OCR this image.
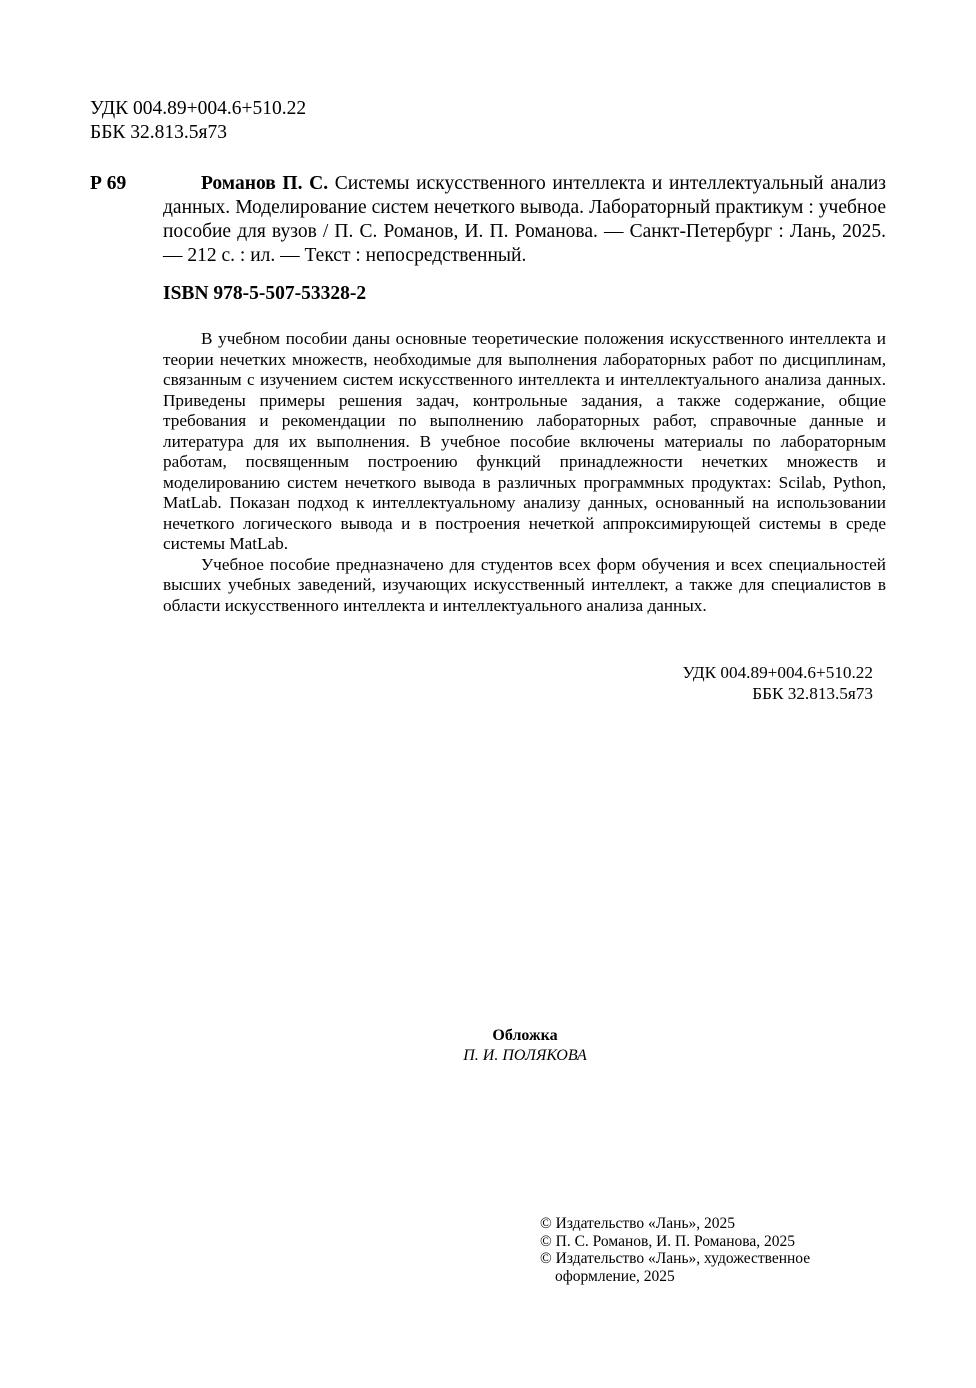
УДК 004.89+004.6+510.22
ББК 32.813.5я73
Р 69	Романов П. С. Системы искусственного интеллекта и интеллектуальный анализ данных. Моделирование систем нечеткого вывода. Лабораторный практикум : учебное пособие для вузов / П. С. Романов, И. П. Романова. — Санкт-Петербург : Лань, 2025. — 212 с. : ил. — Текст : непосредственный.
ISBN 978-5-507-53328-2

В учебном пособии даны основные теоретические положения искусственного интеллекта и теории нечетких множеств, необходимые для выполнения лабораторных работ по дисциплинам, связанным с изучением систем искусственного интеллекта и интеллектуального анализа данных. Приведены примеры решения задач, контрольные задания, а также содержание, общие требования и рекомендации по выполнению лабораторных работ, справочные данные и литература для их выполнения. В учебное пособие включены материалы по лабораторным работам, посвященным построению функций принадлежности нечетких множеств и моделированию систем нечеткого вывода в различных программных продуктах: Scilab, Python, MatLab. Показан подход к интеллектуальному анализу данных, основанный на использовании нечеткого логического вывода и в построения нечеткой аппроксимирующей системы в среде системы MatLab.

Учебное пособие предназначено для студентов всех форм обучения и всех специальностей высших учебных заведений, изучающих искусственный интеллект, а также для специалистов в области искусственного интеллекта и интеллектуального анализа данных.

УДК 004.89+004.6+510.22
ББК 32.813.5я73
Обложка
П. И. ПОЛЯКОВА
© Издательство «Лань», 2025
© П. С. Романов, И. П. Романова, 2025
© Издательство «Лань», художественное
оформление, 2025
